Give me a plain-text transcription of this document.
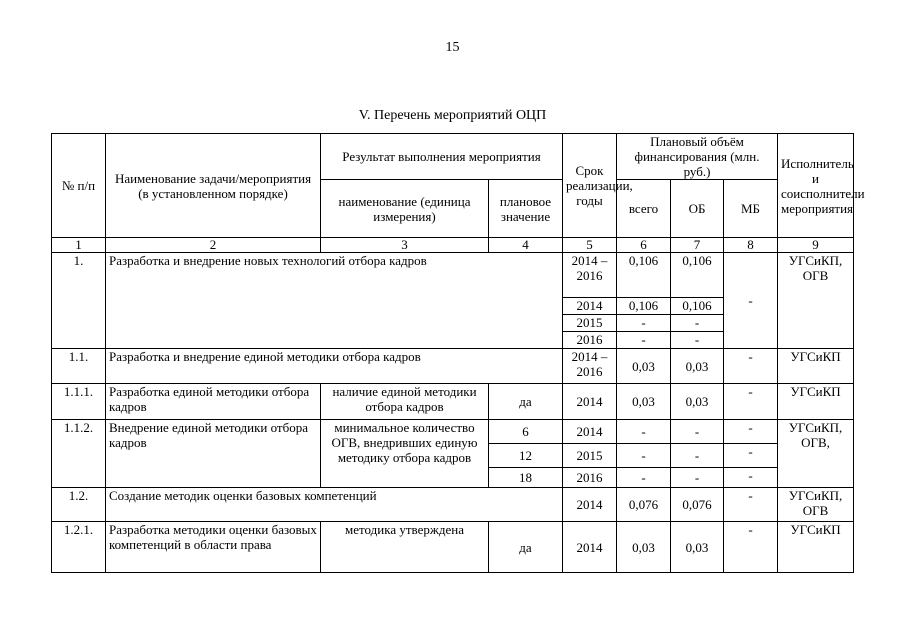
15
V. Перечень мероприятий ОЦП
№ п/п	Наименование задачи/мероприятия (в установленном порядке)	Результат выполнения мероприятия		Срок реализации, годы	Плановый объём финансирования (млн. руб.)			Исполнитель и соисполнители мероприятия
		наименование (единица измерения)	плановое значение		всего	ОБ	МБ	
1	2	3	4	5	6	7	8	9
1.	Разработка и внедрение новых технологий отбора кадров			2014 – 2016	0,106	0,106	-	УГСиКП, ОГВ
				2014	0,106	0,106		
				2015	-	-		
				2016	-	-		
1.1.	Разработка и внедрение единой методики отбора кадров			2014 – 2016	0,03	0,03	-	УГСиКП
1.1.1.	Разработка единой методики отбора кадров	наличие единой методики отбора кадров	да	2014	0,03	0,03	-	УГСиКП
1.1.2.	Внедрение единой методики отбора кадров	минимальное количество ОГВ, внедривших единую методику отбора кадров	6	2014	-	-	-	УГСиКП, ОГВ,
			12	2015	-	-	-	
			18	2016	-	-	-	
1.2.	Создание методик оценки базовых компетенций			2014	0,076	0,076	-	УГСиКП, ОГВ
1.2.1.	Разработка методики оценки базовых компетенций в области права	методика утверждена	да	2014	0,03	0,03	-	УГСиКП
